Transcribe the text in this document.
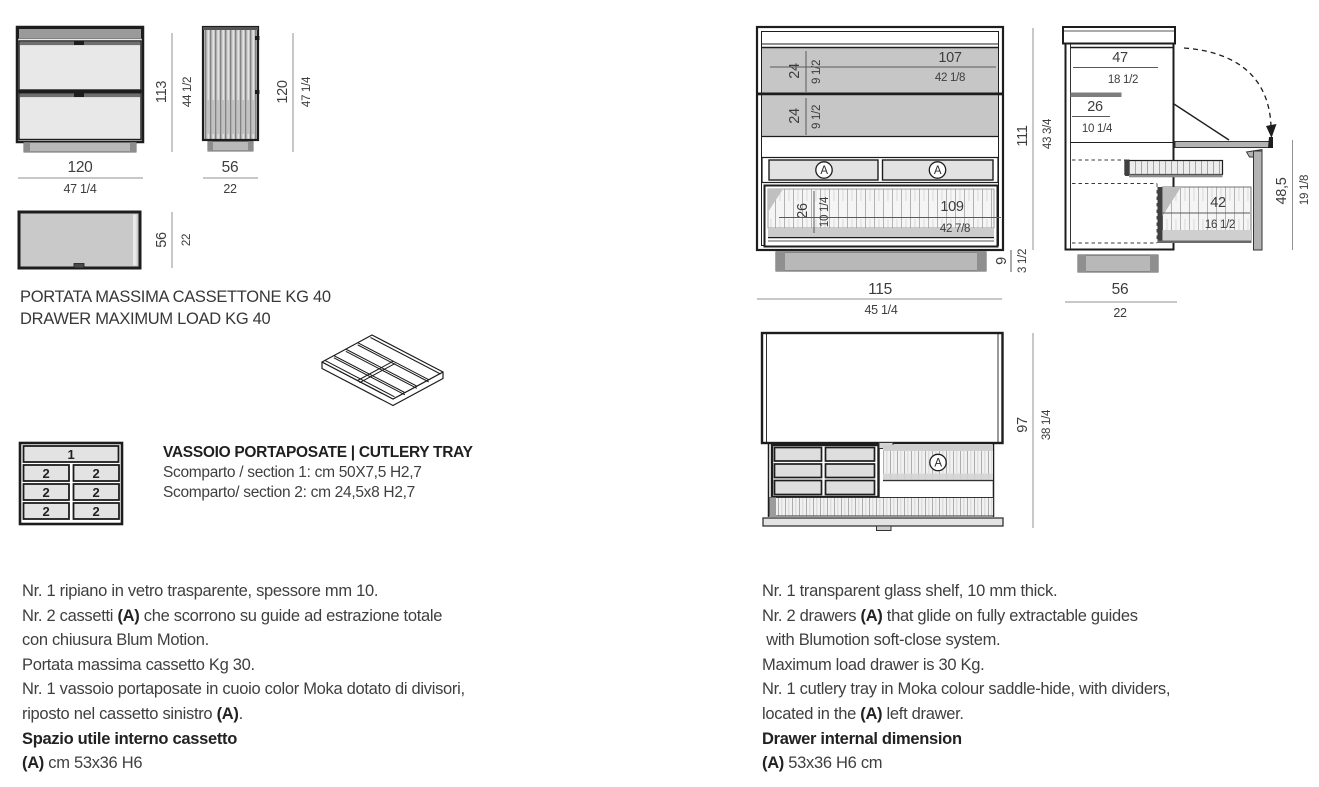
113 44 1/2
120
47 1/4
120 47 1/4
56
22
56 22
1
2	2
2	2
2	2
24 9 1/2
107
42 1/8
24 9 1/2
A	A
26 10 1/4	109
42 7/8
9 3 1/2
111 43 3/4
115
45 1/4
47
18 1/2
26
10 1/4
42
16 1/2
48,5 19 1/8
56
22
A
97 38 1/4
PORTATA MASSIMA CASSETTONE KG 40
DRAWER MAXIMUM LOAD KG 40
VASSOIO PORTAPOSATE | CUTLERY TRAY
Scomparto / section 1: cm 50X7,5 H2,7
Scomparto/ section 2: cm 24,5x8 H2,7
Nr. 1 ripiano in vetro trasparente, spessore mm 10.
Nr. 2 cassetti (A) che scorrono su guide ad estrazione totale
con chiusura Blum Motion.
Portata massima cassetto Kg 30.
Nr. 1 vassoio portaposate in cuoio color Moka dotato di divisori,
riposto nel cassetto sinistro (A).
Spazio utile interno cassetto
(A) cm 53x36 H6
Nr. 1 transparent glass shelf, 10 mm thick.
Nr. 2 drawers (A) that glide on fully extractable guides
with Blumotion soft-close system.
Maximum load drawer is 30 Kg.
Nr. 1 cutlery tray in Moka colour saddle-hide, with dividers,
located in the (A) left drawer.
Drawer internal dimension
(A) 53x36 H6 cm
